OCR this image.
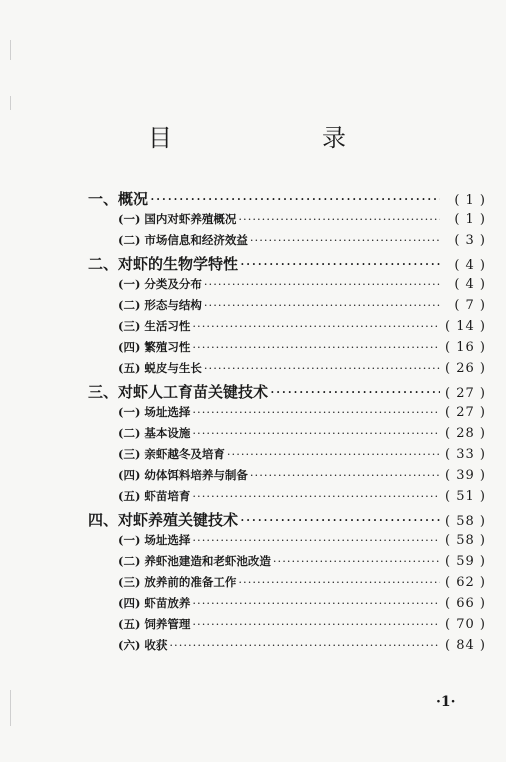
目　　录
一、概况 ·····	( 1 )
(一) 国内对虾养殖概况 ·····	( 1 )
(二) 市场信息和经济效益 ·····	( 3 )
二、对虾的生物学特性 ·····	( 4 )
(一) 分类及分布 ·····	( 4 )
(二) 形态与结构 ·····	( 7 )
(三) 生活习性 ·····	( 14 )
(四) 繁殖习性 ·····	( 16 )
(五) 蜕皮与生长 ·····	( 26 )
三、对虾人工育苗关键技术 ·····	( 27 )
(一) 场址选择 ·····	( 27 )
(二) 基本设施 ·····	( 28 )
(三) 亲虾越冬及培育 ·····	( 33 )
(四) 幼体饵料培养与制备 ·····	( 39 )
(五) 虾苗培育 ·····	( 51 )
四、对虾养殖关键技术 ·····	( 58 )
(一) 场址选择 ·····	( 58 )
(二) 养虾池建造和老虾池改造 ·····	( 59 )
(三) 放养前的准备工作 ·····	( 62 )
(四) 虾苗放养 ·····	( 66 )
(五) 饲养管理 ·····	( 70 )
(六) 收获 ·····	( 84 )
·1·
